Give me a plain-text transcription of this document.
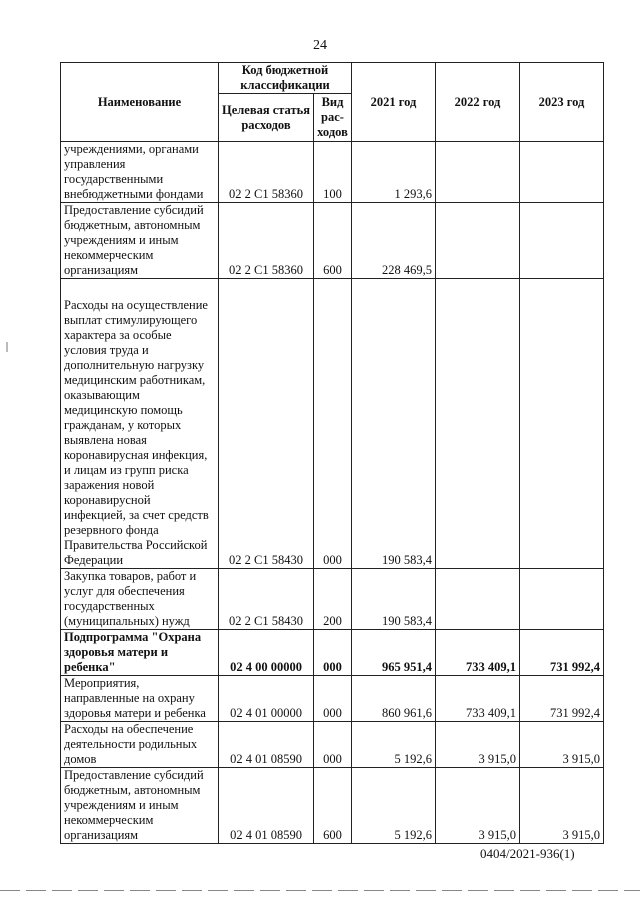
24
Наименование	Код бюджетной классификации		2021 год	2022 год	2023 год
	Целевая статья расходов	Вид рас-ходов			
учреждениями, органами управления государственными внебюджетными фондами	02 2 С1 58360	100	1 293,6		
Предоставление субсидий бюджетным, автономным учреждениям и иным некоммерческим организациям	02 2 С1 58360	600	228 469,5		
Расходы на осуществление выплат стимулирующего характера за особые условия труда и дополнительную нагрузку медицинским работникам, оказывающим медицинскую помощь гражданам, у которых выявлена новая коронавирусная инфекция, и лицам из групп риска заражения новой коронавирусной инфекцией, за счет средств резервного фонда Правительства Российской Федерации	02 2 С1 58430	000	190 583,4		
Закупка товаров, работ и услуг для обеспечения государственных (муниципальных) нужд	02 2 С1 58430	200	190 583,4		
Подпрограмма "Охрана здоровья матери и ребенка"	02 4 00 00000	000	965 951,4	733 409,1	731 992,4
Мероприятия, направленные на охрану здоровья матери и ребенка	02 4 01 00000	000	860 961,6	733 409,1	731 992,4
Расходы на обеспечение деятельности родильных домов	02 4 01 08590	000	5 192,6	3 915,0	3 915,0
Предоставление субсидий бюджетным, автономным учреждениям и иным некоммерческим организациям	02 4 01 08590	600	5 192,6	3 915,0	3 915,0
0404/2021-936(1)
